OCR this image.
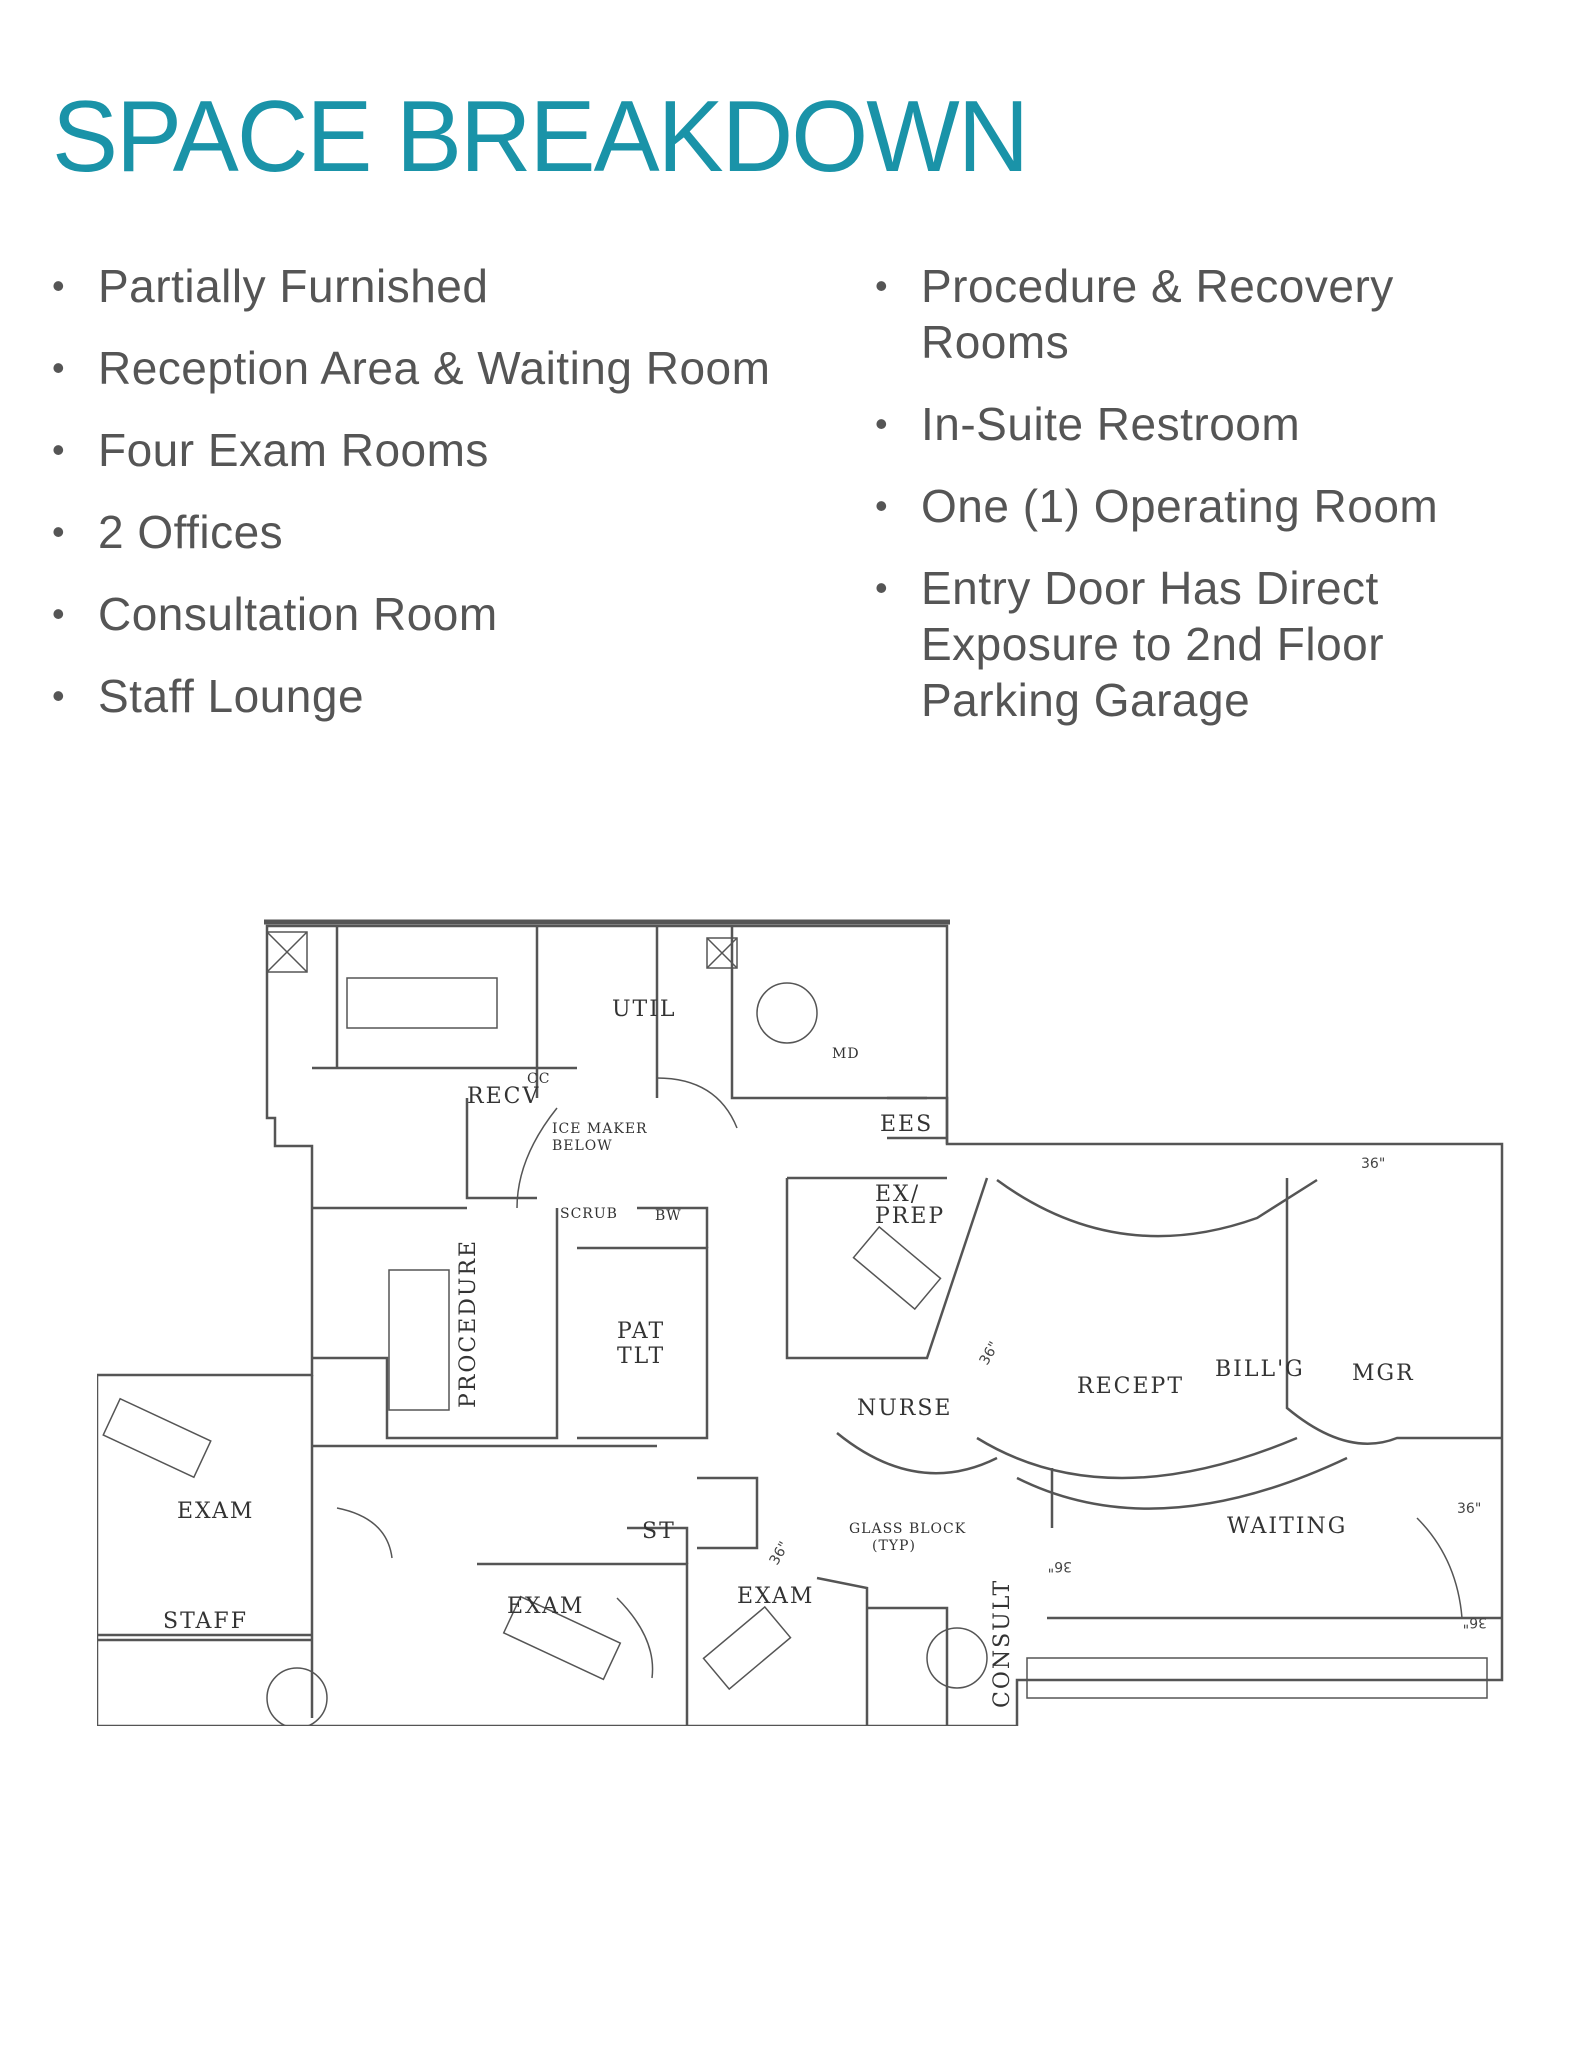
SPACE BREAKDOWN
• Partially Furnished
• Reception Area & Waiting Room
• Four Exam Rooms
• 2 Offices
• Consultation Room
• Staff Lounge
• Procedure & Recovery Rooms
• In-Suite Restroom
• One (1) Operating Room
• Entry Door Has Direct Exposure to 2nd Floor Parking Garage
UTIL
MD
RECV
CC
ICE MAKER
BELOW
EES
EX/
PREP
SCRUB	BW
PROCEDURE	PAT
TLT
NURSE
RECEPT
BILL'G MGR
EXAM
STAFF
ST
EXAM	EXAM
GLASS BLOCK
(TYP)
CONSULT
WAITING
36"
36"
36"
36"	36"
36"
